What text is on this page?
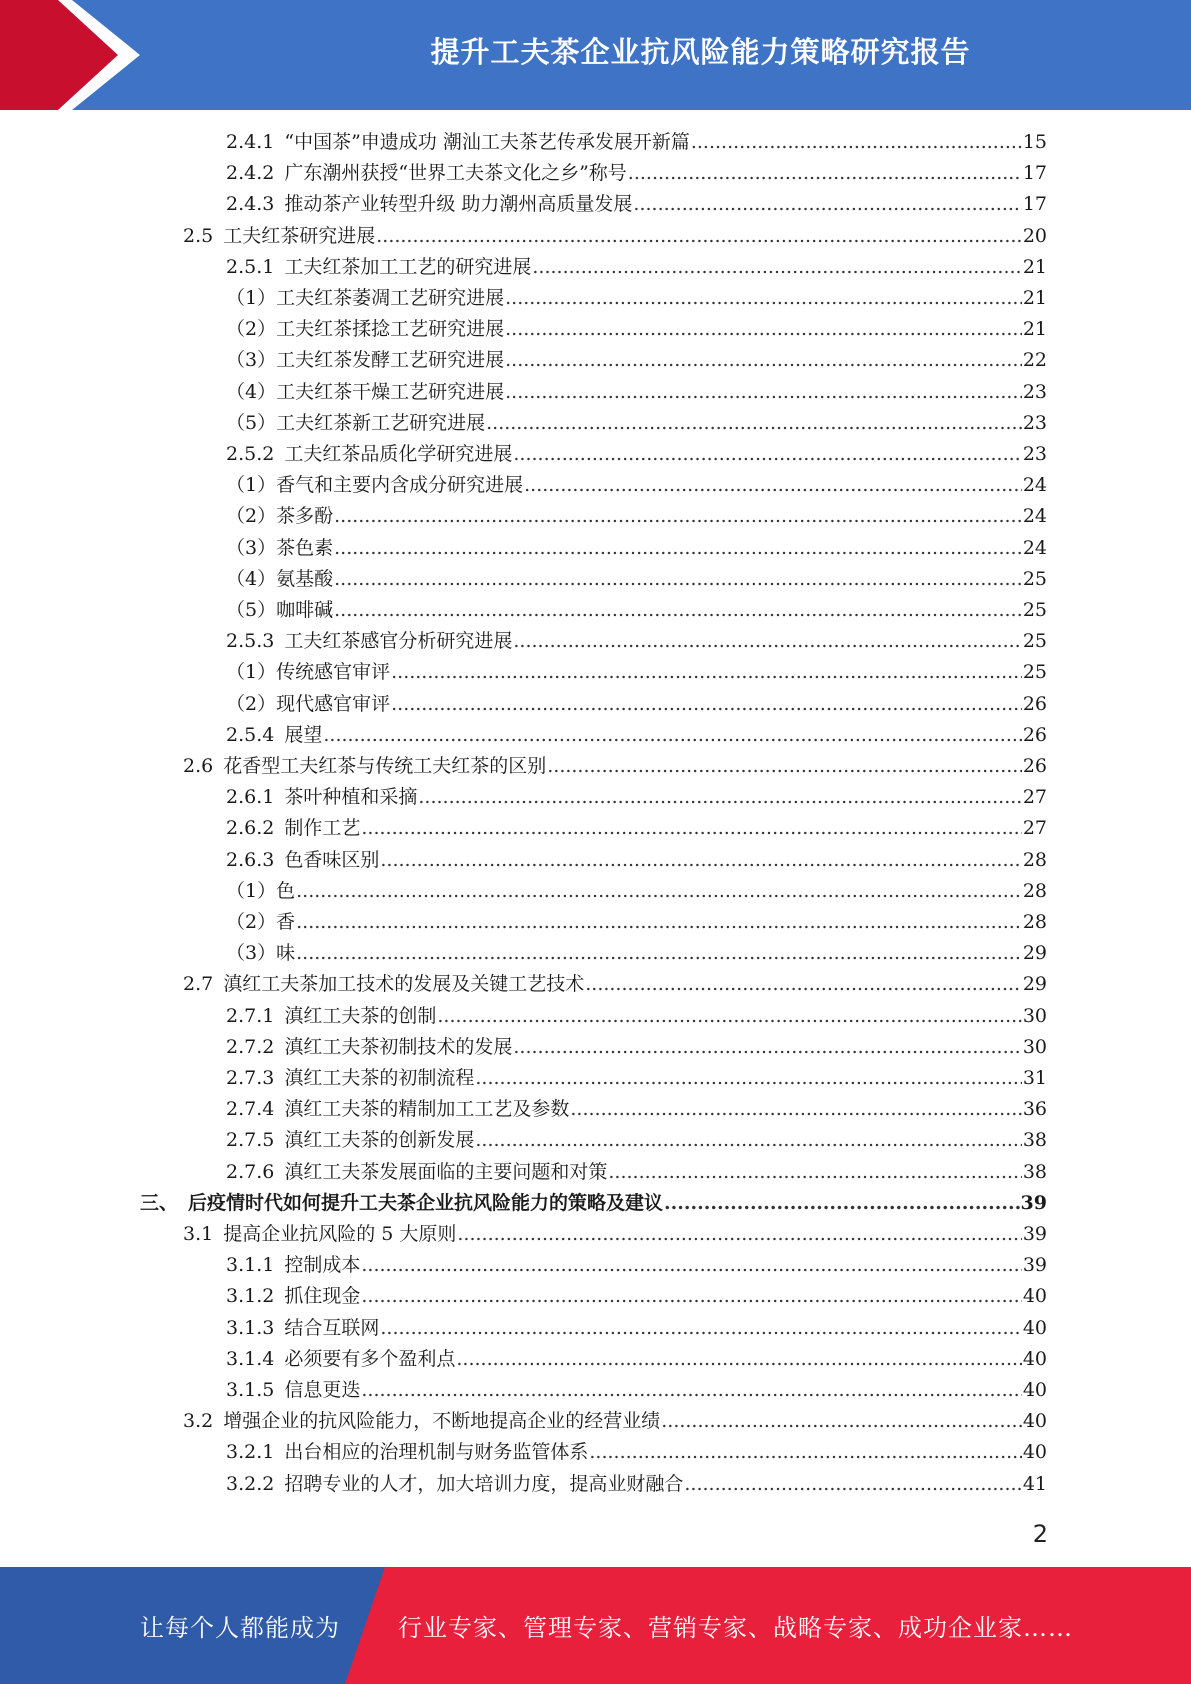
提升工夫茶企业抗风险能力策略研究报告
2.4.1 “中国茶”申遗成功 潮汕工夫茶艺传承发展开新篇 .....	15
2.4.2 广东潮州获授“世界工夫茶文化之乡”称号 .....	17
2.4.3 推动茶产业转型升级 助力潮州高质量发展 .....	17
2.5 工夫红茶研究进展 .....	20
2.5.1 工夫红茶加工工艺的研究进展 .....	21
（1） 工夫红茶萎凋工艺研究进展 .....	21
（2） 工夫红茶揉捻工艺研究进展 .....	21
（3） 工夫红茶发酵工艺研究进展 .....	22
（4） 工夫红茶干燥工艺研究进展 .....	23
（5） 工夫红茶新工艺研究进展 .....	23
2.5.2 工夫红茶品质化学研究进展 .....	23
（1） 香气和主要内含成分研究进展 .....	24
（2） 茶多酚 .....	24
（3） 茶色素 .....	24
（4） 氨基酸 .....	25
（5） 咖啡碱 .....	25
2.5.3 工夫红茶感官分析研究进展 .....	25
（1） 传统感官审评 .....	25
（2） 现代感官审评 .....	26
2.5.4 展望 .....	26
2.6 花香型工夫红茶与传统工夫红茶的区别 .....	26
2.6.1 茶叶种植和采摘 .....	27
2.6.2 制作工艺 .....	27
2.6.3 色香味区别 .....	28
（1） 色 .....	28
（2） 香 .....	28
（3） 味 .....	29
2.7 滇红工夫茶加工技术的发展及关键工艺技术 .....	29
2.7.1 滇红工夫茶的创制 .....	30
2.7.2 滇红工夫茶初制技术的发展 .....	30
2.7.3 滇红工夫茶的初制流程 .....	31
2.7.4 滇红工夫茶的精制加工工艺及参数 .....	36
2.7.5 滇红工夫茶的创新发展 .....	38
2.7.6 滇红工夫茶发展面临的主要问题和对策 .....	38
三、 后疫情时代如何提升工夫茶企业抗风险能力的策略及建议 .....	39
3.1 提高企业抗风险的 5 大原则 .....	39
3.1.1 控制成本 .....	39
3.1.2 抓住现金 .....	40
3.1.3 结合互联网 .....	40
3.1.4 必须要有多个盈利点 .....	40
3.1.5 信息更迭 .....	40
3.2 增强企业的抗风险能力，不断地提高企业的经营业绩 .....	40
3.2.1 出台相应的治理机制与财务监管体系 .....	40
3.2.2 招聘专业的人才，加大培训力度，提高业财融合 .....	41
2
让每个人都能成为 行业专家、管理专家、营销专家、战略专家、成功企业家……
